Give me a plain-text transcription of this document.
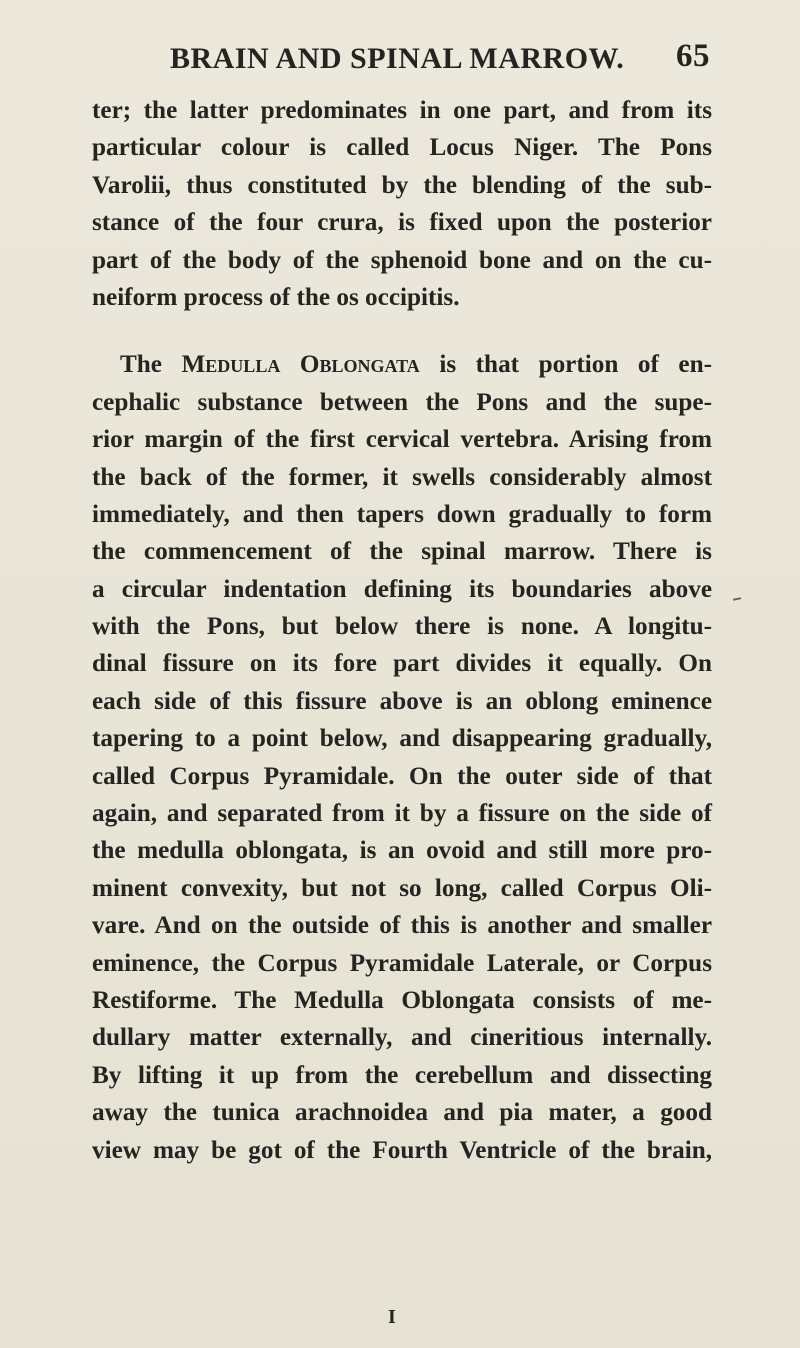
BRAIN AND SPINAL MARROW. 65
ter; the latter predominates in one part, and from its
particular colour is called Locus Niger. The Pons
Varolii, thus constituted by the blending of the sub-
stance of the four crura, is fixed upon the posterior
part of the body of the sphenoid bone and on the cu-
neiform process of the os occipitis.
The Medulla Oblongata is that portion of en-
cephalic substance between the Pons and the supe-
rior margin of the first cervical vertebra. Arising from
the back of the former, it swells considerably almost
immediately, and then tapers down gradually to form
the commencement of the spinal marrow. There is
a circular indentation defining its boundaries above
with the Pons, but below there is none. A longitu-
dinal fissure on its fore part divides it equally. On
each side of this fissure above is an oblong eminence
tapering to a point below, and disappearing gradually,
called Corpus Pyramidale. On the outer side of that
again, and separated from it by a fissure on the side of
the medulla oblongata, is an ovoid and still more pro-
minent convexity, but not so long, called Corpus Oli-
vare. And on the outside of this is another and smaller
eminence, the Corpus Pyramidale Laterale, or Corpus
Restiforme. The Medulla Oblongata consists of me-
dullary matter externally, and cineritious internally.
By lifting it up from the cerebellum and dissecting
away the tunica arachnoidea and pia mater, a good
view may be got of the Fourth Ventricle of the brain,
I
